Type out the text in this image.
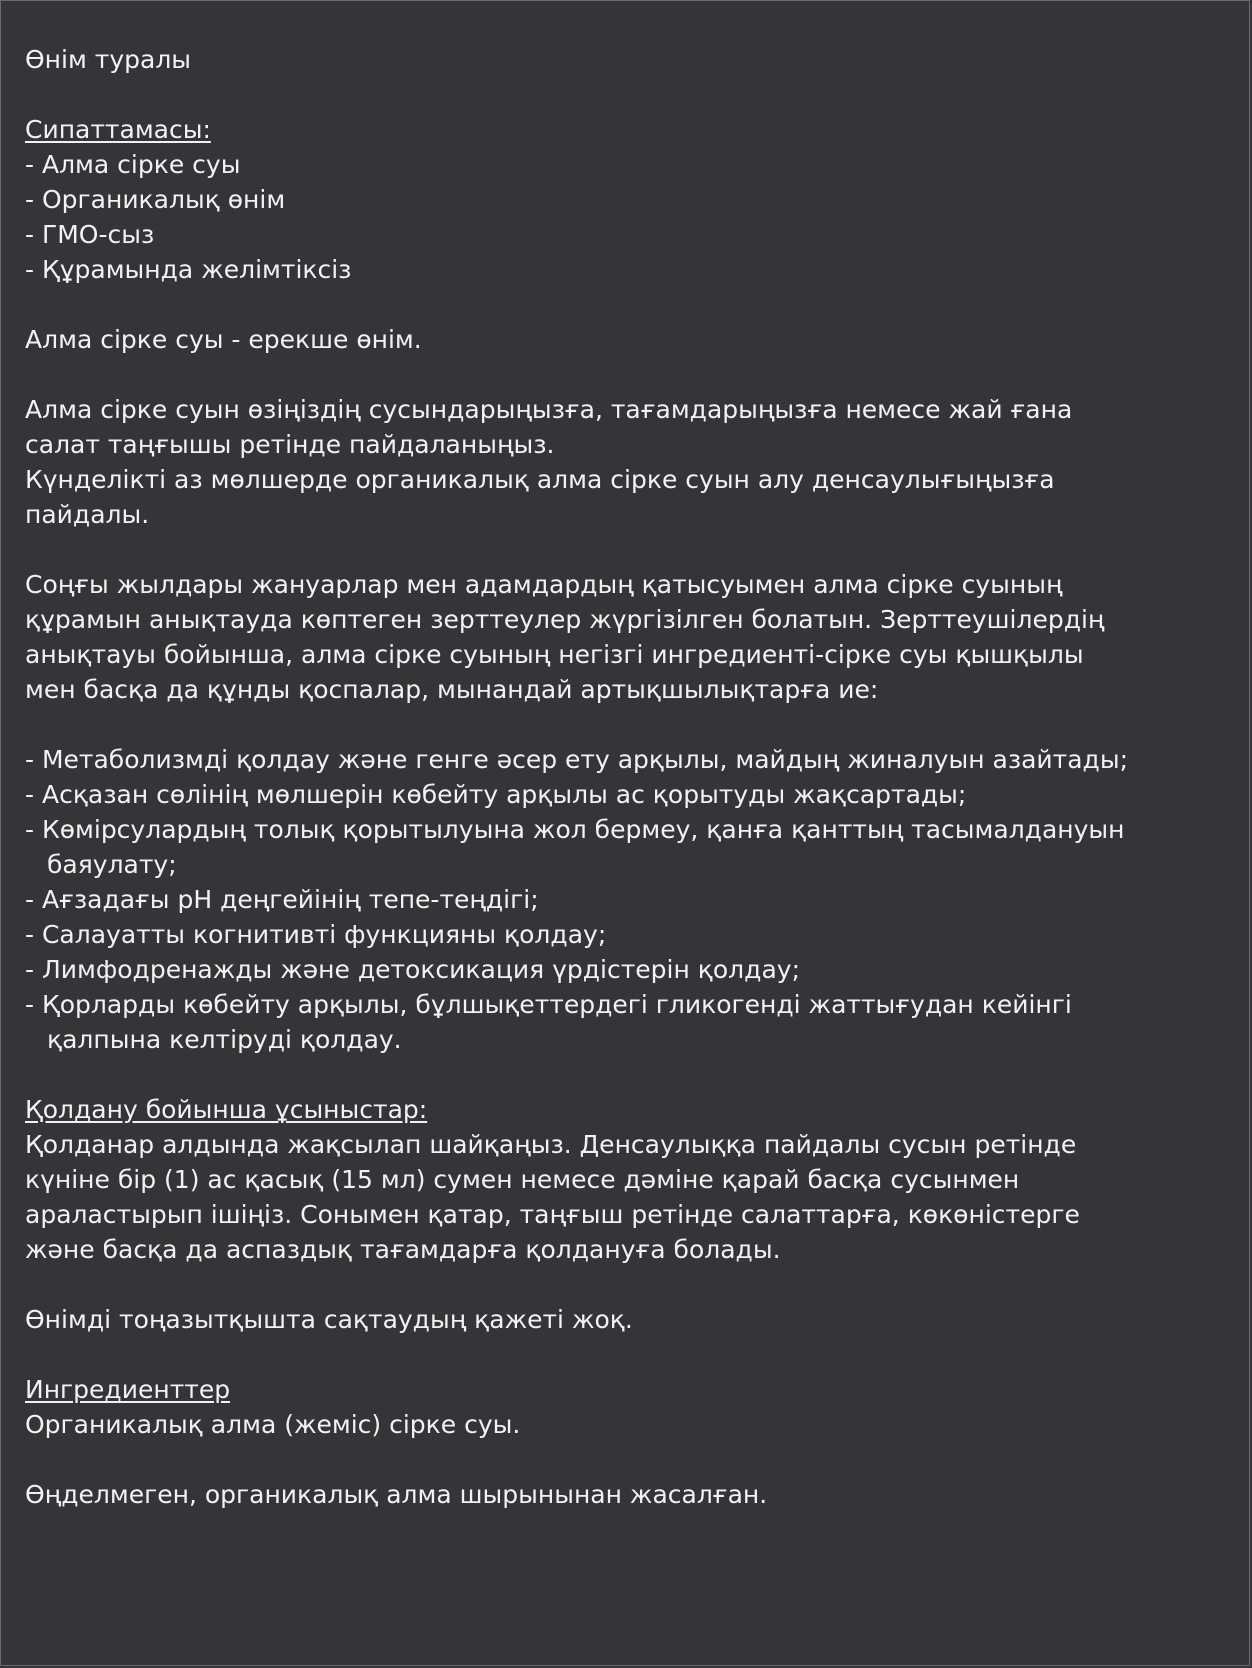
Өнім туралы
Сипаттамасы:
- Алма сірке суы
- Органикалық өнім
- ГМО-сыз
- Құрамында желімтіксіз
Алма сірке суы - ерекше өнім.
Алма сірке суын өзіңіздің сусындарыңызға, тағамдарыңызға немесе жай ғана
салат таңғышы ретінде пайдаланыңыз.
Күнделікті аз мөлшерде органикалық алма сірке суын алу денсаулығыңызға
пайдалы.
Соңғы жылдары жануарлар мен адамдардың қатысуымен алма сірке суының
құрамын анықтауда көптеген зерттеулер жүргізілген болатын. Зерттеушілердің
анықтауы бойынша, алма сірке суының негізгі ингредиенті-сірке суы қышқылы
мен басқа да құнды қоспалар, мынандай артықшылықтарға ие:
- Метаболизмді қолдау және генге әсер ету арқылы, майдың жиналуын азайтады;
- Асқазан сөлінің мөлшерін көбейту арқылы ас қорытуды жақсартады;
- Көмірсулардың толық қорытылуына жол бермеу, қанға қанттың тасымалдануын
баяулату;
- Ағзадағы pH деңгейінің тепе-теңдігі;
- Салауатты когнитивті функцияны қолдау;
- Лимфодренажды және детоксикация үрдістерін қолдау;
- Қорларды көбейту арқылы, бұлшықеттердегі гликогенді жаттығудан кейінгі
қалпына келтіруді қолдау.
Қолдану бойынша ұсыныстар:
Қолданар алдында жақсылап шайқаңыз. Денсаулыққа пайдалы сусын ретінде
күніне бір (1) ас қасық (15 мл) сумен немесе дәміне қарай басқа сусынмен
араластырып ішіңіз. Сонымен қатар, таңғыш ретінде салаттарға, көкөністерге
және басқа да аспаздық тағамдарға қолдануға болады.
Өнімді тоңазытқышта сақтаудың қажеті жоқ.
Ингредиенттер
Органикалық алма (жеміс) сірке суы.
Өңделмеген, органикалық алма шырынынан жасалған.
